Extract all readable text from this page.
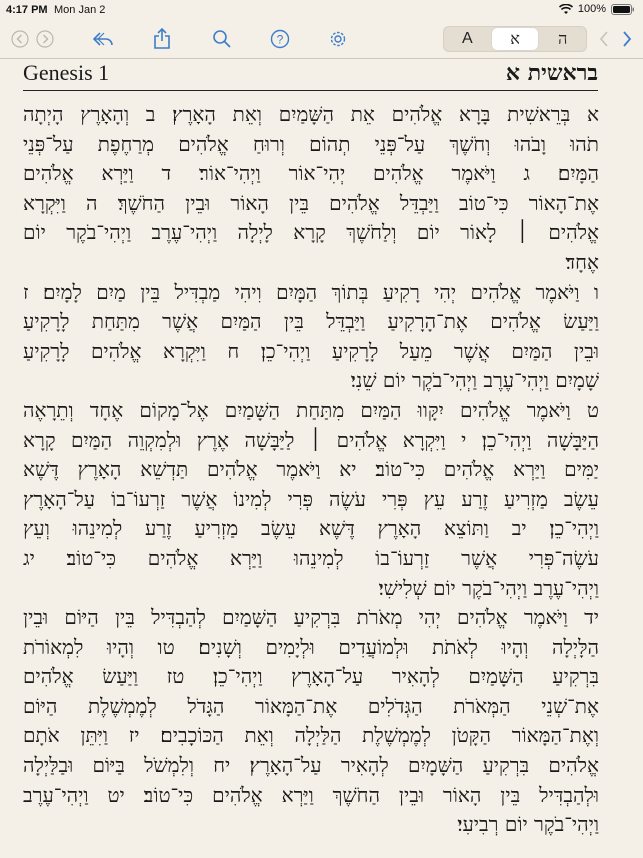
4:17 PM Mon Jan 2	100%
?	A	א	ה
Genesis 1	בראשית א
א בְּרֵאשִׁית בָּרָא אֱלֹהִים אֵת הַשָּׁמַיִם וְאֵת הָאָרֶץ׃ ב וְהָאָרֶץ הָיְתָה
תֹהוּ וָבֹהוּ וְחֹשֶׁךְ עַל־פְּנֵי תְהוֹם וְרוּחַ אֱלֹהִים מְרַחֶפֶת עַל־פְּנֵי
הַמָּיִם׃ ג וַיֹּאמֶר אֱלֹהִים יְהִי־אוֹר וַיְהִי־אוֹר׃ ד וַיַּרְא אֱלֹהִים
אֶת־הָאוֹר כִּי־טוֹב וַיַּבְדֵּל אֱלֹהִים בֵּין הָאוֹר וּבֵין הַחֹשֶׁךְ׃ ה וַיִּקְרָא
אֱלֹהִים ׀ לָאוֹר יוֹם וְלַחֹשֶׁךְ קָרָא לָיְלָה וַיְהִי־עֶרֶב וַיְהִי־בֹקֶר יוֹם
אֶחָד׃
ו וַיֹּאמֶר אֱלֹהִים יְהִי רָקִיעַ בְּתוֹךְ הַמָּיִם וִיהִי מַבְדִּיל בֵּין מַיִם לָמָיִם׃ ז
וַיַּעַשׂ אֱלֹהִים אֶת־הָרָקִיעַ וַיַּבְדֵּל בֵּין הַמַּיִם אֲשֶׁר מִתַּחַת לָרָקִיעַ
וּבֵין הַמַּיִם אֲשֶׁר מֵעַל לָרָקִיעַ וַיְהִי־כֵן׃ ח וַיִּקְרָא אֱלֹהִים לָרָקִיעַ
שָׁמָיִם וַיְהִי־עֶרֶב וַיְהִי־בֹקֶר יוֹם שֵׁנִי׃
ט וַיֹּאמֶר אֱלֹהִים יִקָּווּ הַמַּיִם מִתַּחַת הַשָּׁמַיִם אֶל־מָקוֹם אֶחָד וְתֵרָאֶה
הַיַּבָּשָׁה וַיְהִי־כֵן׃ י וַיִּקְרָא אֱלֹהִים ׀ לַיַּבָּשָׁה אֶרֶץ וּלְמִקְוֵה הַמַּיִם קָרָא
יַמִּים וַיַּרְא אֱלֹהִים כִּי־טוֹב׃ יא וַיֹּאמֶר אֱלֹהִים תַּדְשֵׁא הָאָרֶץ דֶּשֶׁא
עֵשֶׂב מַזְרִיעַ זֶרַע עֵץ פְּרִי עֹשֶׂה פְּרִי לְמִינוֹ אֲשֶׁר זַרְעוֹ־בוֹ עַל־הָאָרֶץ
וַיְהִי־כֵן׃ יב וַתּוֹצֵא הָאָרֶץ דֶּשֶׁא עֵשֶׂב מַזְרִיעַ זֶרַע לְמִינֵהוּ וְעֵץ
עֹשֶׂה־פְּרִי אֲשֶׁר זַרְעוֹ־בוֹ לְמִינֵהוּ וַיַּרְא אֱלֹהִים כִּי־טוֹב׃ יג
וַיְהִי־עֶרֶב וַיְהִי־בֹקֶר יוֹם שְׁלִישִׁי׃
יד וַיֹּאמֶר אֱלֹהִים יְהִי מְאֹרֹת בִּרְקִיעַ הַשָּׁמַיִם לְהַבְדִּיל בֵּין הַיּוֹם וּבֵין
הַלָּיְלָה וְהָיוּ לְאֹתֹת וּלְמוֹעֲדִים וּלְיָמִים וְשָׁנִים׃ טו וְהָיוּ לִמְאוֹרֹת
בִּרְקִיעַ הַשָּׁמַיִם לְהָאִיר עַל־הָאָרֶץ וַיְהִי־כֵן׃ טז וַיַּעַשׂ אֱלֹהִים
אֶת־שְׁנֵי הַמְּאֹרֹת הַגְּדֹלִים אֶת־הַמָּאוֹר הַגָּדֹל לְמֶמְשֶׁלֶת הַיּוֹם
וְאֶת־הַמָּאוֹר הַקָּטֹן לְמֶמְשֶׁלֶת הַלַּיְלָה וְאֵת הַכּוֹכָבִים׃ יז וַיִּתֵּן אֹתָם
אֱלֹהִים בִּרְקִיעַ הַשָּׁמָיִם לְהָאִיר עַל־הָאָרֶץ׃ יח וְלִמְשֹׁל בַּיּוֹם וּבַלַּיְלָה
וּלְהַבְדִּיל בֵּין הָאוֹר וּבֵין הַחֹשֶׁךְ וַיַּרְא אֱלֹהִים כִּי־טוֹב׃ יט וַיְהִי־עֶרֶב
וַיְהִי־בֹקֶר יוֹם רְבִיעִי׃
